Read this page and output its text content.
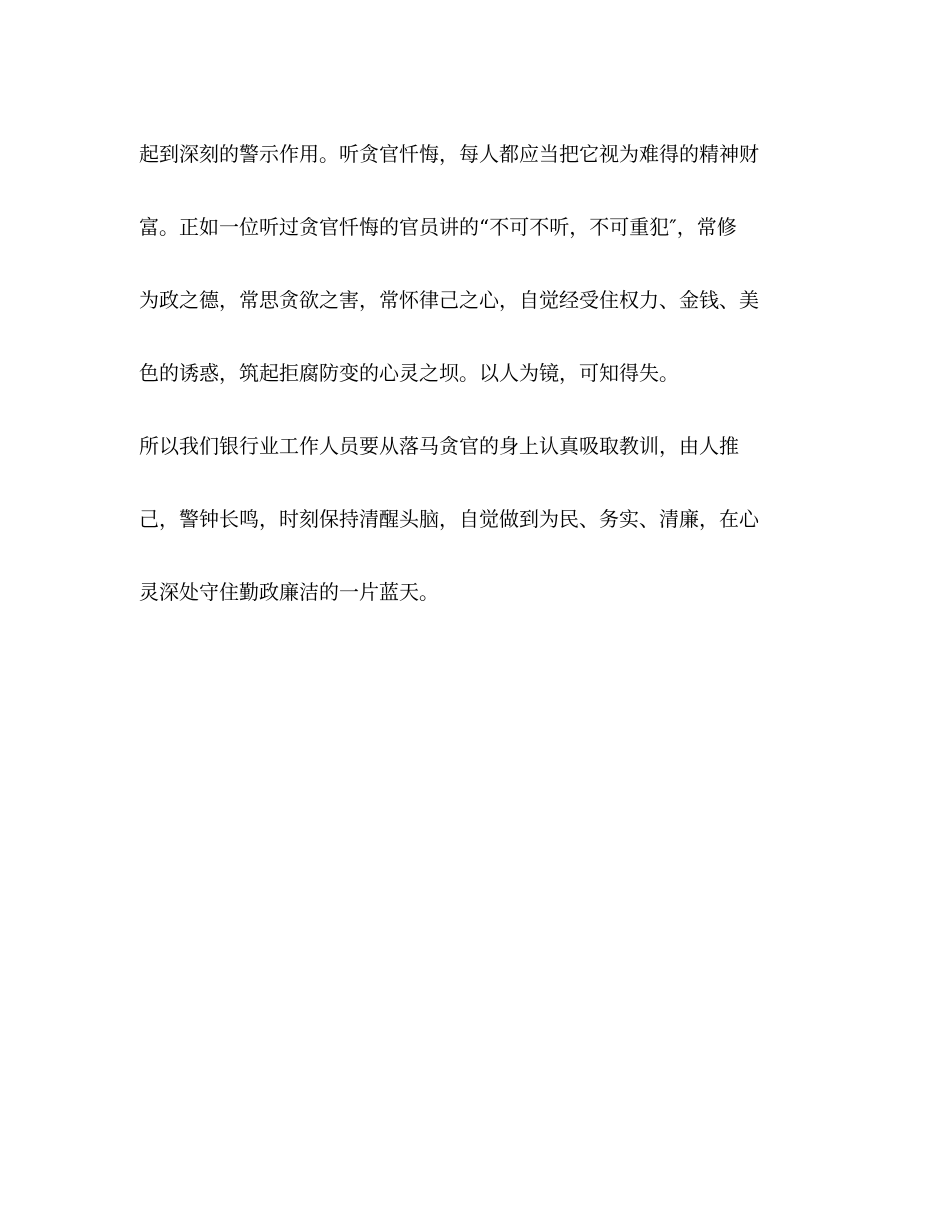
起到深刻的警示作用。听贪官忏悔，每人都应当把它视为难得的精神财
富。正如一位听过贪官忏悔的官员讲的“不可不听，不可重犯″，常修
为政之德，常思贪欲之害，常怀律己之心，自觉经受住权力、金钱、美
色的诱惑，筑起拒腐防变的心灵之坝。以人为镜，可知得失。
所以我们银行业工作人员要从落马贪官的身上认真吸取教训，由人推
己，警钟长鸣，时刻保持清醒头脑，自觉做到为民、务实、清廉，在心
灵深处守住勤政廉洁的一片蓝天。
